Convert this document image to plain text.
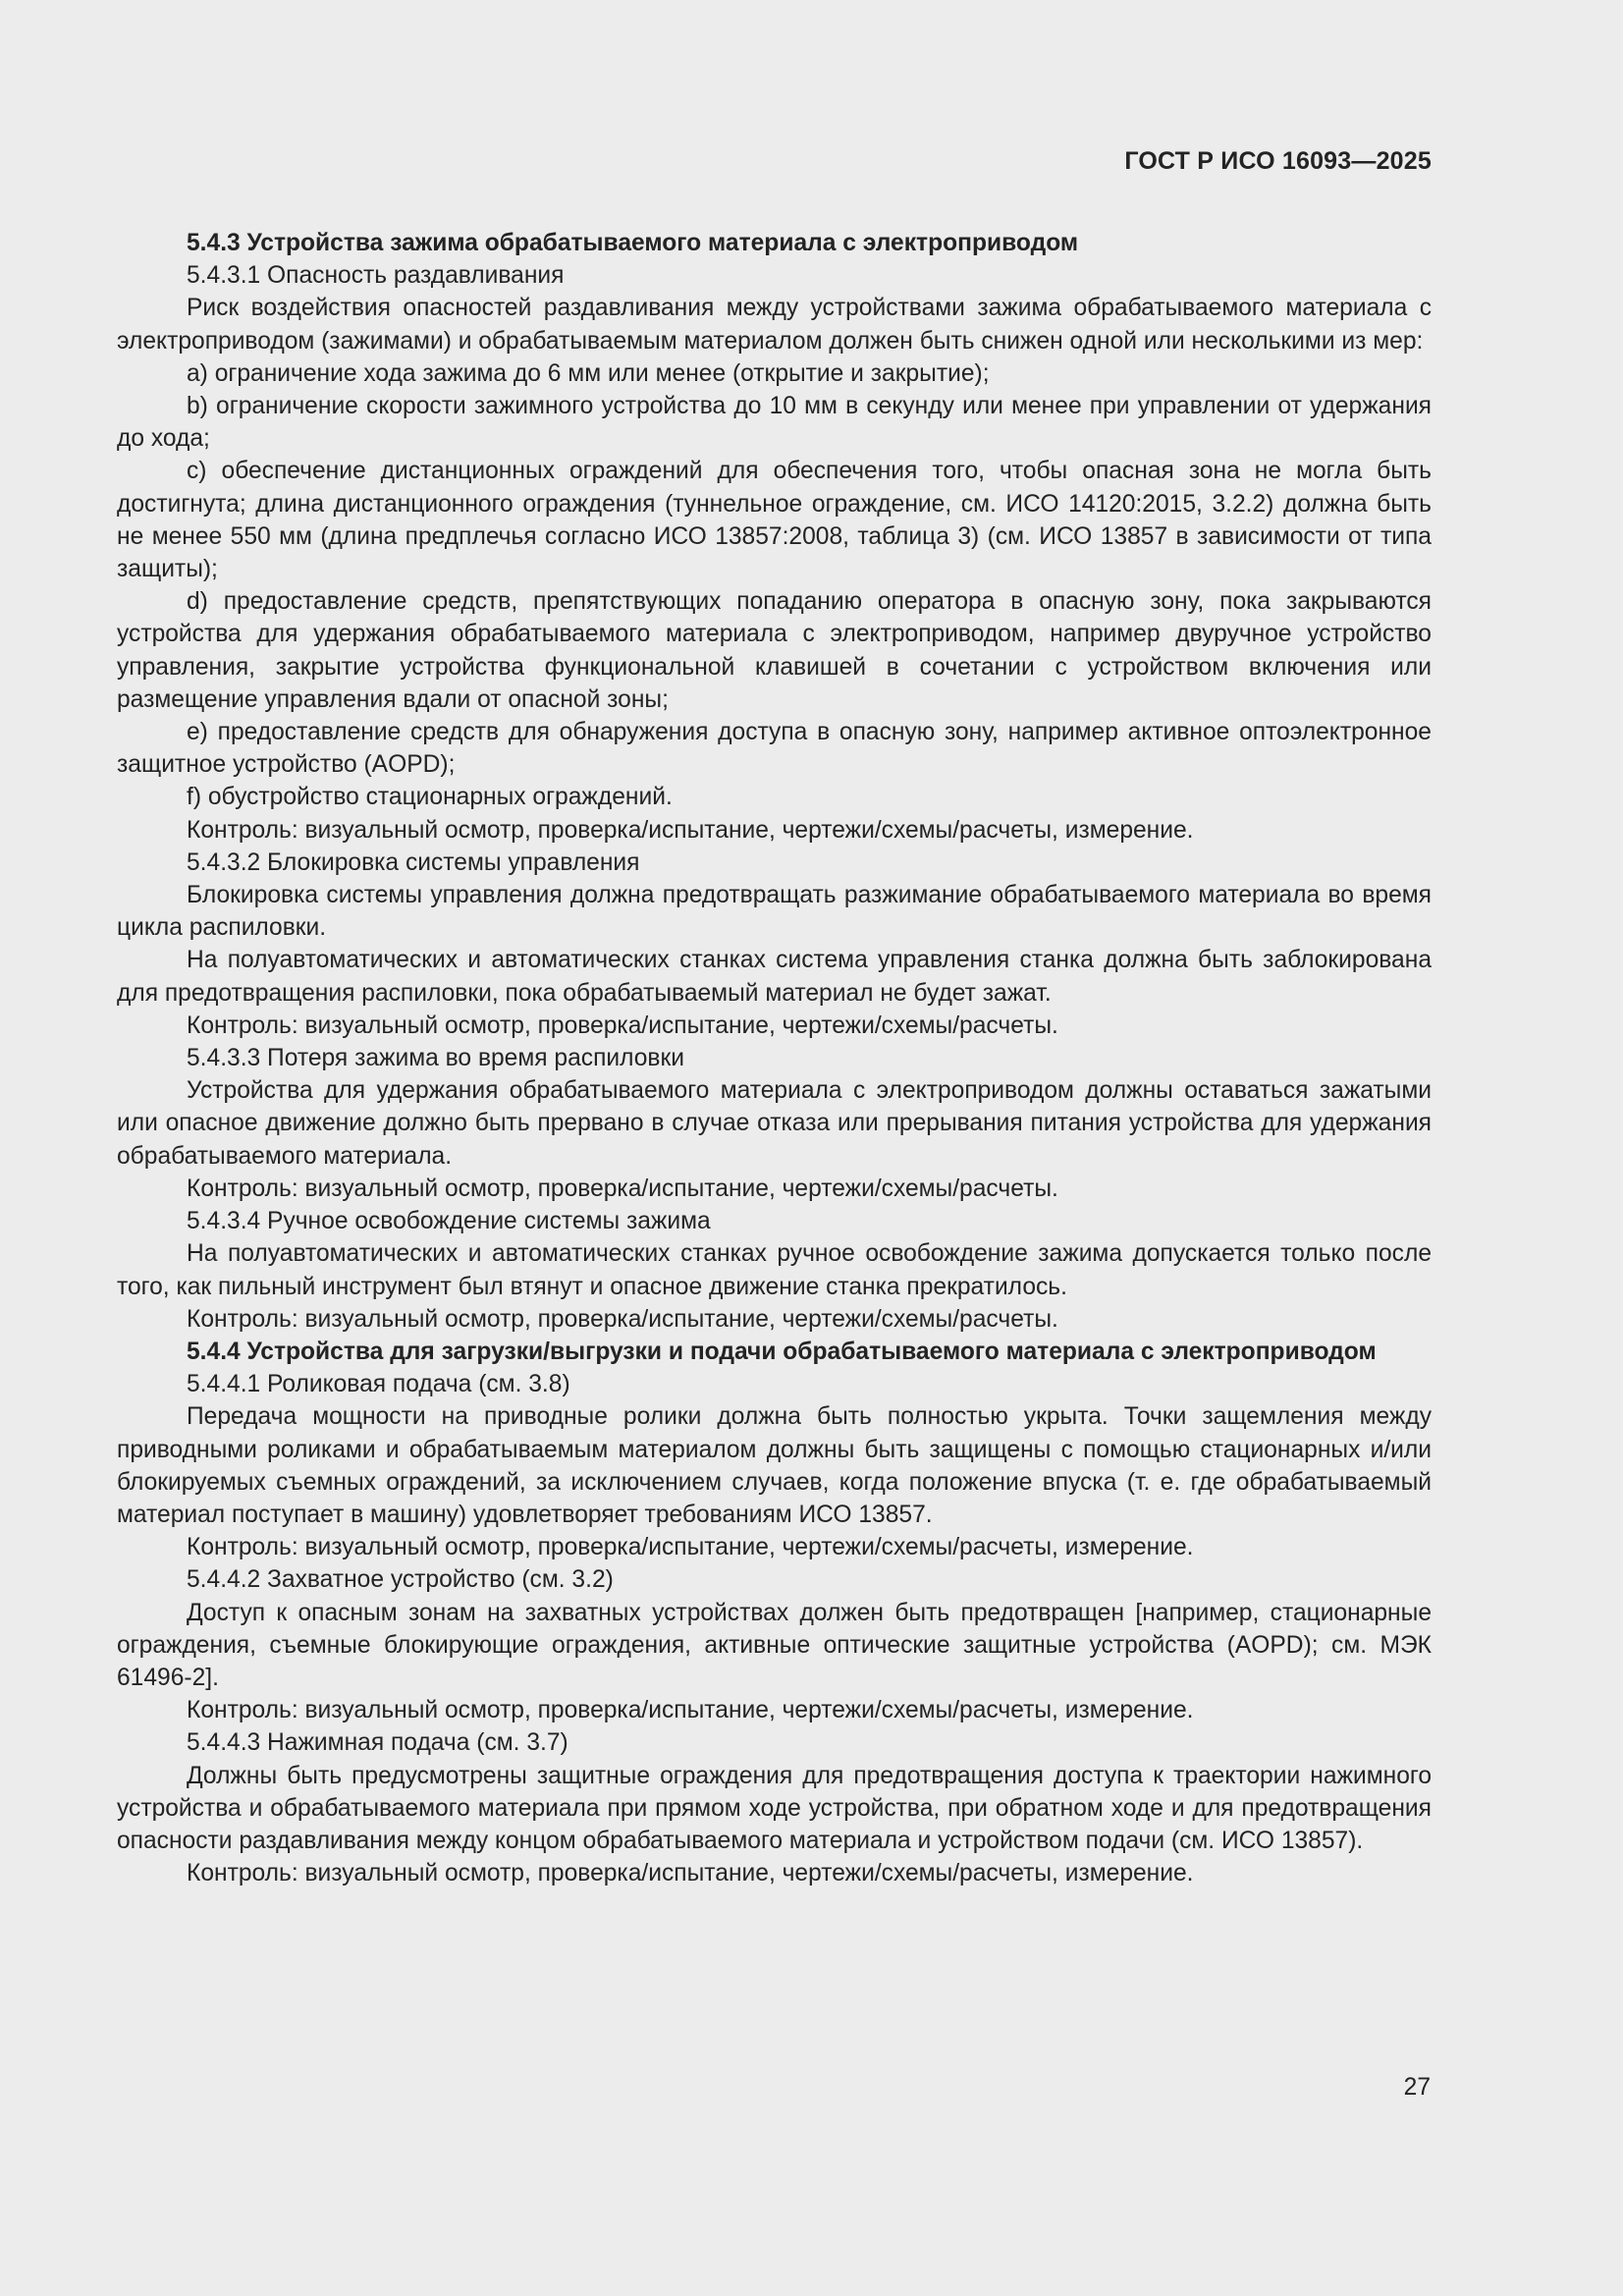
ГОСТ Р ИСО 16093—2025

5.4.3 Устройства зажима обрабатываемого материала с электроприводом

5.4.3.1 Опасность раздавливания

Риск воздействия опасностей раздавливания между устройствами зажима обрабатываемого материала с электроприводом (зажимами) и обрабатываемым материалом должен быть снижен одной или несколькими из мер:

a) ограничение хода зажима до 6 мм или менее (открытие и закрытие);

b) ограничение скорости зажимного устройства до 10 мм в секунду или менее при управлении от удержания до хода;

c) обеспечение дистанционных ограждений для обеспечения того, чтобы опасная зона не могла быть достигнута; длина дистанционного ограждения (туннельное ограждение, см. ИСО 14120:2015, 3.2.2) должна быть не менее 550 мм (длина предплечья согласно ИСО 13857:2008, таблица 3) (см. ИСО 13857 в зависимости от типа защиты);

d) предоставление средств, препятствующих попаданию оператора в опасную зону, пока закрываются устройства для удержания обрабатываемого материала с электроприводом, например двуручное устройство управления, закрытие устройства функциональной клавишей в сочетании с устройством включения или размещение управления вдали от опасной зоны;

e) предоставление средств для обнаружения доступа в опасную зону, например активное оптоэлектронное защитное устройство (AOPD);

f) обустройство стационарных ограждений.

Контроль: визуальный осмотр, проверка/испытание, чертежи/схемы/расчеты, измерение.

5.4.3.2 Блокировка системы управления

Блокировка системы управления должна предотвращать разжимание обрабатываемого материала во время цикла распиловки.

На полуавтоматических и автоматических станках система управления станка должна быть заблокирована для предотвращения распиловки, пока обрабатываемый материал не будет зажат.

Контроль: визуальный осмотр, проверка/испытание, чертежи/схемы/расчеты.

5.4.3.3 Потеря зажима во время распиловки

Устройства для удержания обрабатываемого материала с электроприводом должны оставаться зажатыми или опасное движение должно быть прервано в случае отказа или прерывания питания устройства для удержания обрабатываемого материала.

Контроль: визуальный осмотр, проверка/испытание, чертежи/схемы/расчеты.

5.4.3.4 Ручное освобождение системы зажима

На полуавтоматических и автоматических станках ручное освобождение зажима допускается только после того, как пильный инструмент был втянут и опасное движение станка прекратилось.

Контроль: визуальный осмотр, проверка/испытание, чертежи/схемы/расчеты.

5.4.4 Устройства для загрузки/выгрузки и подачи обрабатываемого материала с электроприводом

5.4.4.1 Роликовая подача (см. 3.8)

Передача мощности на приводные ролики должна быть полностью укрыта. Точки защемления между приводными роликами и обрабатываемым материалом должны быть защищены с помощью стационарных и/или блокируемых съемных ограждений, за исключением случаев, когда положение впуска (т. е. где обрабатываемый материал поступает в машину) удовлетворяет требованиям ИСО 13857.

Контроль: визуальный осмотр, проверка/испытание, чертежи/схемы/расчеты, измерение.

5.4.4.2 Захватное устройство (см. 3.2)

Доступ к опасным зонам на захватных устройствах должен быть предотвращен [например, стационарные ограждения, съемные блокирующие ограждения, активные оптические защитные устройства (AOPD); см. МЭК 61496-2].

Контроль: визуальный осмотр, проверка/испытание, чертежи/схемы/расчеты, измерение.

5.4.4.3 Нажимная подача (см. 3.7)

Должны быть предусмотрены защитные ограждения для предотвращения доступа к траектории нажимного устройства и обрабатываемого материала при прямом ходе устройства, при обратном ходе и для предотвращения опасности раздавливания между концом обрабатываемого материала и устройством подачи (см. ИСО 13857).

Контроль: визуальный осмотр, проверка/испытание, чертежи/схемы/расчеты, измерение.

27
